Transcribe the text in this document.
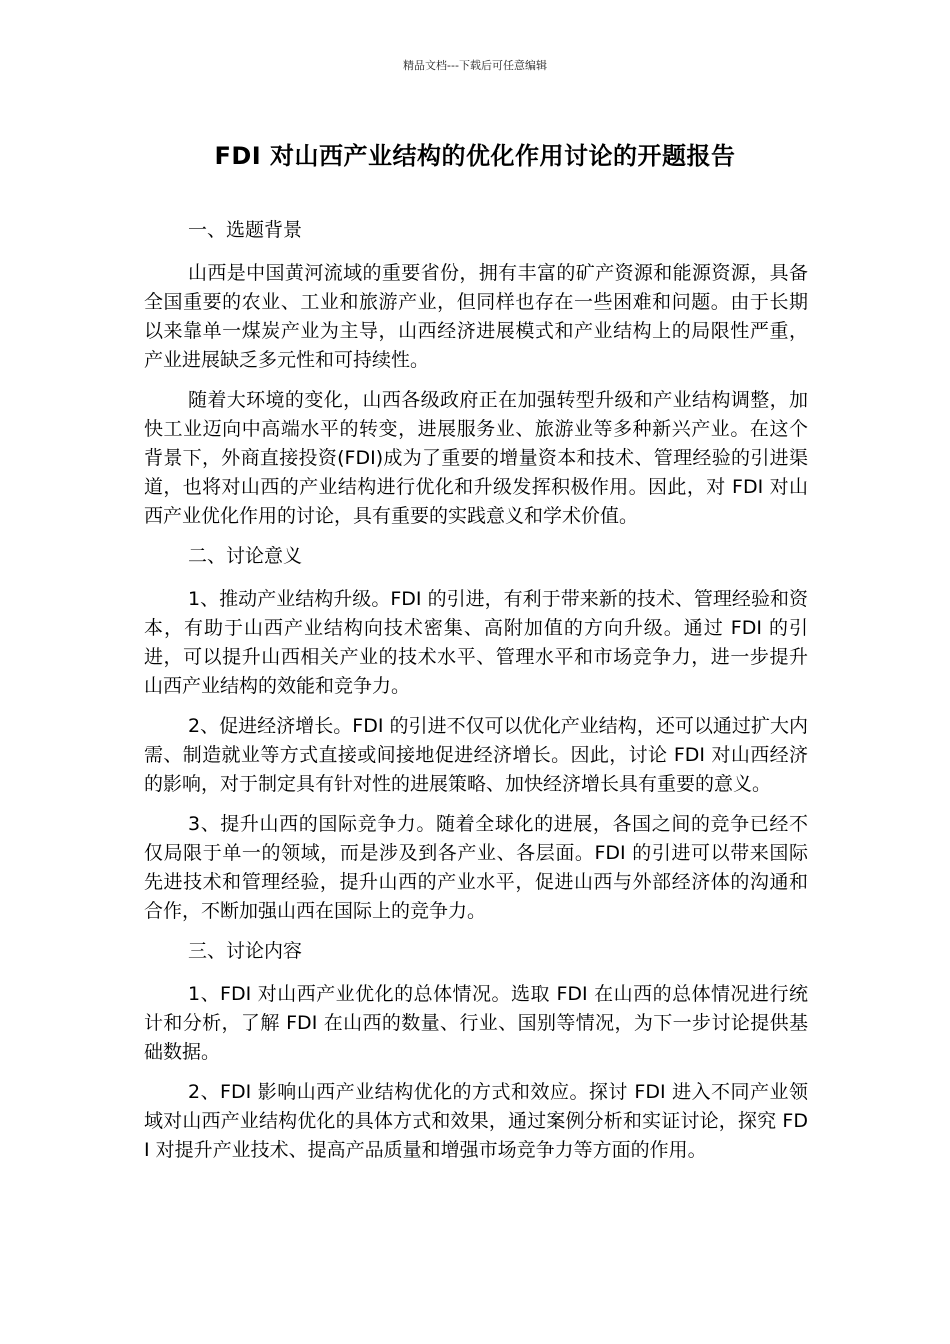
精品文档---下载后可任意编辑
FDI 对山西产业结构的优化作用讨论的开题报告

一、选题背景

山西是中国黄河流域的重要省份，拥有丰富的矿产资源和能源资源，具备全国重要的农业、工业和旅游产业，但同样也存在一些困难和问题。由于长期以来靠单一煤炭产业为主导，山西经济进展模式和产业结构上的局限性严重，产业进展缺乏多元性和可持续性。

随着大环境的变化，山西各级政府正在加强转型升级和产业结构调整，加快工业迈向中高端水平的转变，进展服务业、旅游业等多种新兴产业。在这个背景下，外商直接投资(FDI)成为了重要的增量资本和技术、管理经验的引进渠道，也将对山西的产业结构进行优化和升级发挥积极作用。因此，对 FDI 对山西产业优化作用的讨论，具有重要的实践意义和学术价值。

二、讨论意义

1、推动产业结构升级。FDI 的引进，有利于带来新的技术、管理经验和资本，有助于山西产业结构向技术密集、高附加值的方向升级。通过 FDI 的引进，可以提升山西相关产业的技术水平、管理水平和市场竞争力，进一步提升山西产业结构的效能和竞争力。

2、促进经济增长。FDI 的引进不仅可以优化产业结构，还可以通过扩大内需、制造就业等方式直接或间接地促进经济增长。因此，讨论 FDI 对山西经济的影响，对于制定具有针对性的进展策略、加快经济增长具有重要的意义。

3、提升山西的国际竞争力。随着全球化的进展，各国之间的竞争已经不仅局限于单一的领域，而是涉及到各产业、各层面。FDI 的引进可以带来国际先进技术和管理经验，提升山西的产业水平，促进山西与外部经济体的沟通和合作，不断加强山西在国际上的竞争力。

三、讨论内容

1、FDI 对山西产业优化的总体情况。选取 FDI 在山西的总体情况进行统计和分析，了解 FDI 在山西的数量、行业、国别等情况，为下一步讨论提供基础数据。

2、FDI 影响山西产业结构优化的方式和效应。探讨 FDI 进入不同产业领域对山西产业结构优化的具体方式和效果，通过案例分析和实证讨论，探究 FDI 对提升产业技术、提高产品质量和增强市场竞争力等方面的作用。
